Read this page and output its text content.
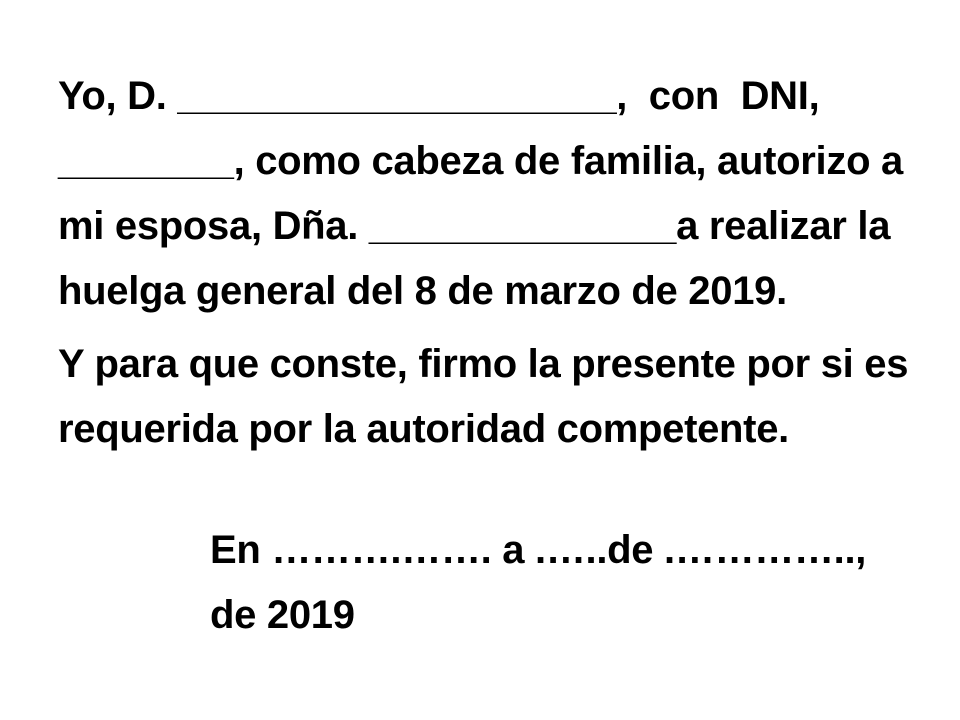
Yo, D. ____________________,  con  DNI,
________, como cabeza de familia, autorizo a
mi esposa, Dña. ______________a realizar la
huelga general del 8 de marzo de 2019.
Y para que conste, firmo la presente por si es
requerida por la autoridad competente.
En ……….……. a .…..de .………….., de 2019
